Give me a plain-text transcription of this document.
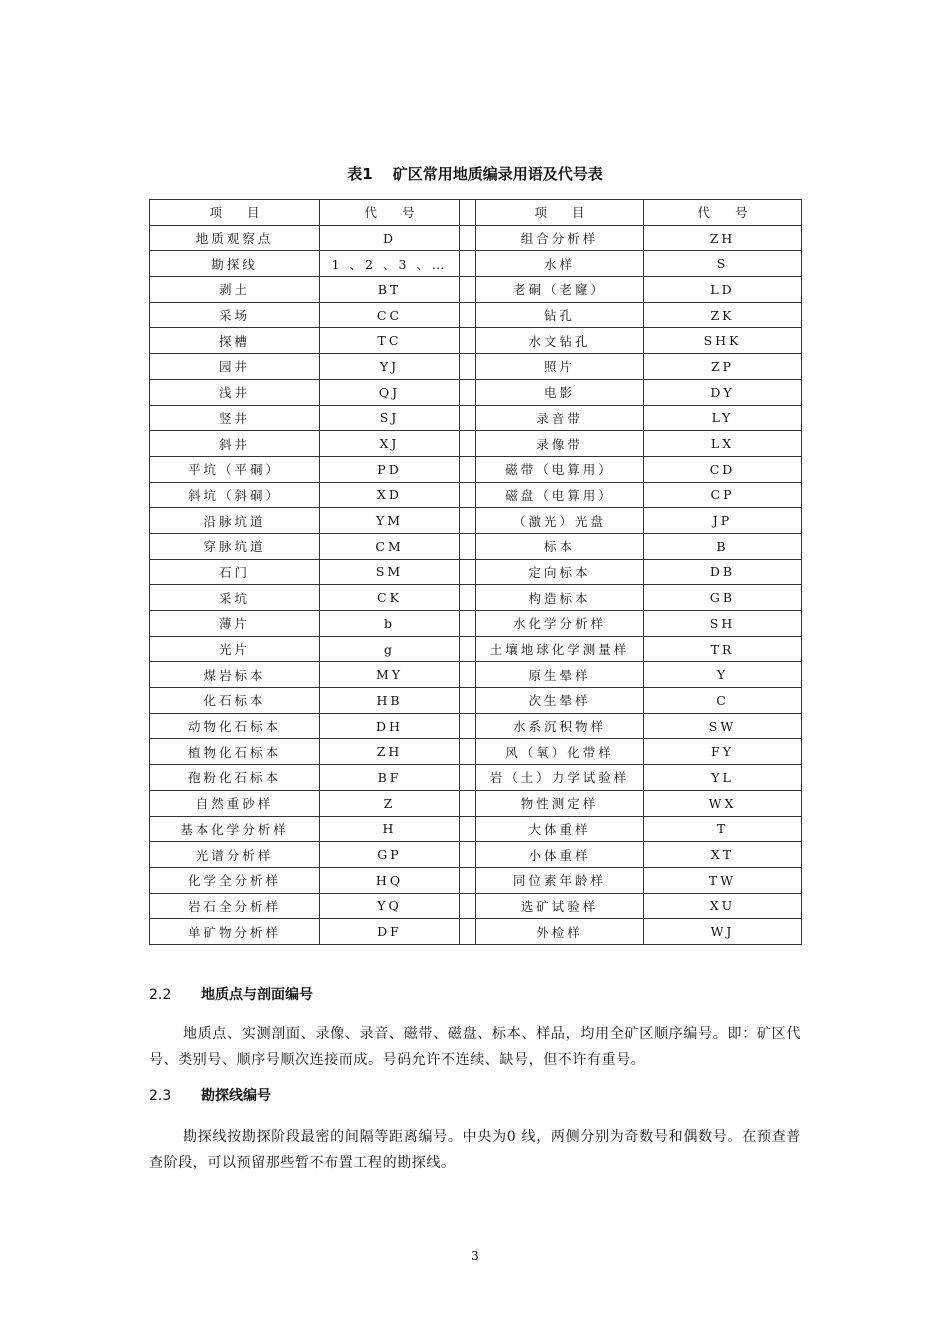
表1 矿区常用地质编录用语及代号表
项　　目	代　　号		项　　目	代　　号
地质观察点	D		组合分析样	ZH
勘探线	1 、2 、3 、…		水样	S
剥土	BT		老硐（老窿）	LD
采场	CC		钻孔	ZK
探槽	TC		水文钻孔	SHK
园井	YJ		照片	ZP
浅井	QJ		电影	DY
竖井	SJ		录音带	LY
斜井	XJ		录像带	LX
平坑（平硐）	PD		磁带（电算用）	CD
斜坑（斜硐）	XD		磁盘（电算用）	CP
沿脉坑道	YM		（激光）光盘	JP
穿脉坑道	CM		标本	B
石门	SM		定向标本	DB
采坑	CK		构造标本	GB
薄片	b		水化学分析样	SH
光片	g		土壤地球化学测量样	TR
煤岩标本	MY		原生晕样	Y
化石标本	HB		次生晕样	C
动物化石标本	DH		水系沉积物样	SW
植物化石标本	ZH		风（氧）化带样	FY
孢粉化石标本	BF		岩（土）力学试验样	YL
自然重砂样	Z		物性测定样	WX
基本化学分析样	H		大体重样	T
光谱分析样	GP		小体重样	XT
化学全分析样	HQ		同位素年龄样	TW
岩石全分析样	YQ		选矿试验样	XU
单矿物分析样	DF		外检样	WJ
2.2 地质点与剖面编号
地质点、实测剖面、录像、录音、磁带、磁盘、标本、样品，均用全矿区顺序编号。即：矿区代号、类别号、顺序号顺次连接而成。号码允许不连续、缺号，但不许有重号。
2.3 勘探线编号
勘探线按勘探阶段最密的间隔等距离编号。中央为0 线，两侧分别为奇数号和偶数号。在预查普查阶段，可以预留那些暂不布置工程的勘探线。
3
